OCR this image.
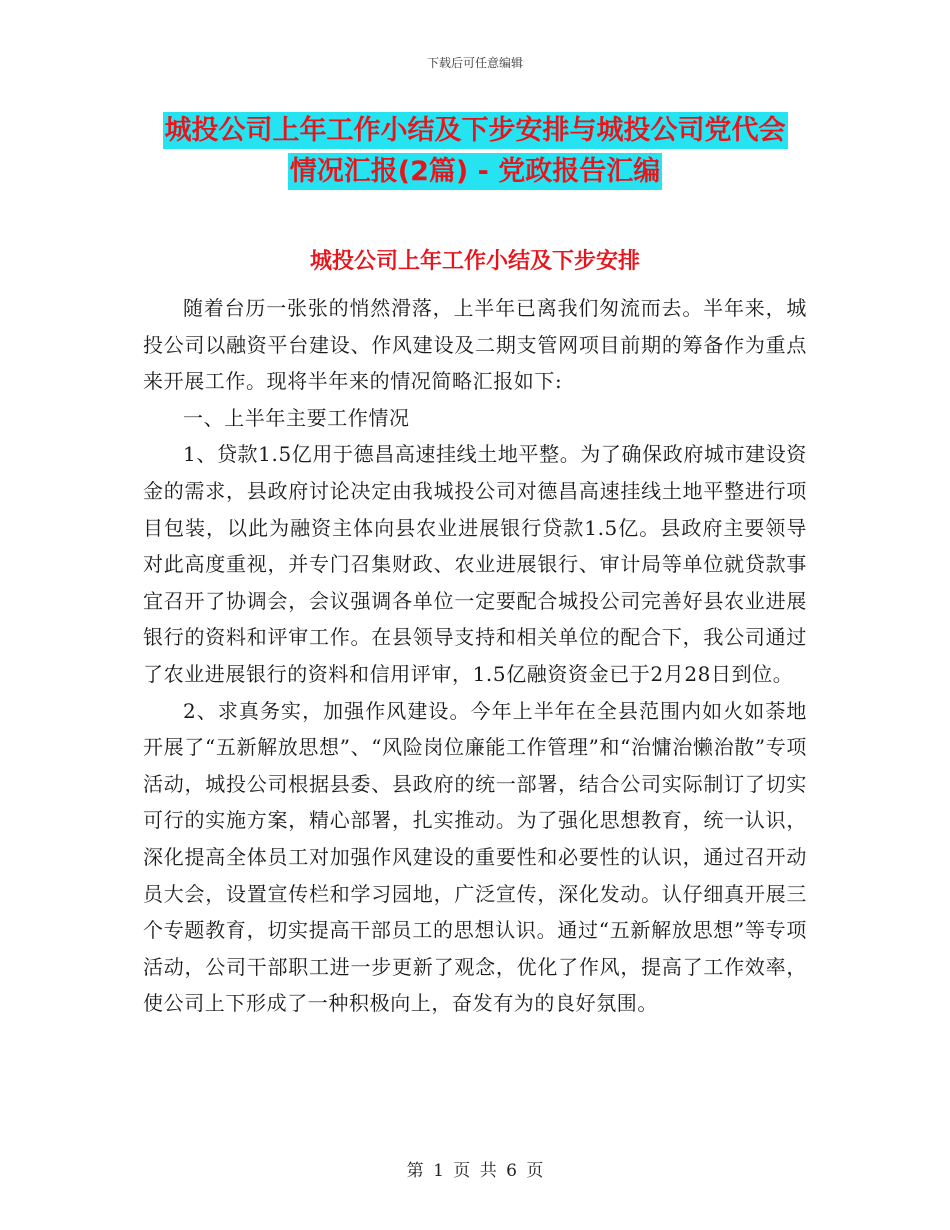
下载后可任意编辑
城投公司上年工作小结及下步安排与城投公司党代会
情况汇报(2篇) - 党政报告汇编
城投公司上年工作小结及下步安排

随着台历一张张的悄然滑落，上半年已离我们匆流而去。半年来，城投公司以融资平台建设、作风建设及二期支管网项目前期的筹备作为重点来开展工作。现将半年来的情况简略汇报如下:

一、上半年主要工作情况

1、贷款1.5亿用于德昌高速挂线土地平整。为了确保政府城市建设资金的需求，县政府讨论决定由我城投公司对德昌高速挂线土地平整进行项目包装，以此为融资主体向县农业进展银行贷款1.5亿。县政府主要领导对此高度重视，并专门召集财政、农业进展银行、审计局等单位就贷款事宜召开了协调会，会议强调各单位一定要配合城投公司完善好县农业进展银行的资料和评审工作。在县领导支持和相关单位的配合下，我公司通过了农业进展银行的资料和信用评审，1.5亿融资资金已于2月28日到位。

2、求真务实，加强作风建设。今年上半年在全县范围内如火如荼地开展了“五新解放思想”、“风险岗位廉能工作管理”和“治慵治懒治散”专项活动，城投公司根据县委、县政府的统一部署，结合公司实际制订了切实可行的实施方案，精心部署，扎实推动。为了强化思想教育，统一认识，深化提高全体员工对加强作风建设的重要性和必要性的认识，通过召开动员大会，设置宣传栏和学习园地，广泛宣传，深化发动。认仔细真开展三个专题教育，切实提高干部员工的思想认识。通过“五新解放思想”等专项活动，公司干部职工进一步更新了观念，优化了作风，提高了工作效率，使公司上下形成了一种积极向上，奋发有为的良好氛围。

第 1 页 共 6 页
